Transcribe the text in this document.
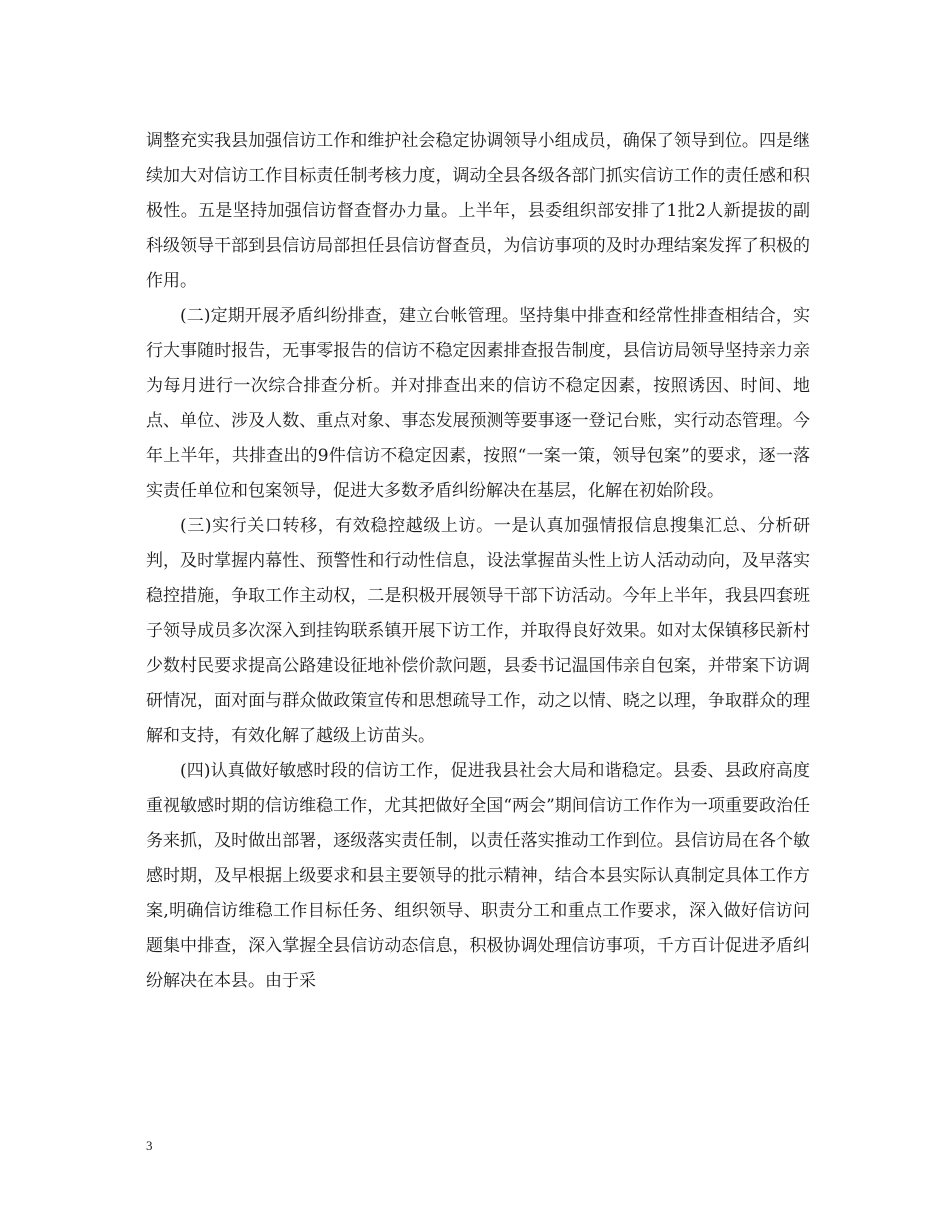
调整充实我县加强信访工作和维护社会稳定协调领导小组成员，确保了领导到位。四是继续加大对信访工作目标责任制考核力度，调动全县各级各部门抓实信访工作的责任感和积极性。五是坚持加强信访督查督办力量。上半年，县委组织部安排了1批2人新提拔的副科级领导干部到县信访局部担任县信访督查员，为信访事项的及时办理结案发挥了积极的作用。

(二)定期开展矛盾纠纷排查，建立台帐管理。坚持集中排查和经常性排查相结合，实行大事随时报告，无事零报告的信访不稳定因素排查报告制度，县信访局领导坚持亲力亲为每月进行一次综合排查分析。并对排查出来的信访不稳定因素，按照诱因、时间、地点、单位、涉及人数、重点对象、事态发展预测等要事逐一登记台账，实行动态管理。今年上半年，共排查出的9件信访不稳定因素，按照“一案一策，领导包案”的要求，逐一落实责任单位和包案领导，促进大多数矛盾纠纷解决在基层，化解在初始阶段。

(三)实行关口转移，有效稳控越级上访。一是认真加强情报信息搜集汇总、分析研判，及时掌握内幕性、预警性和行动性信息，设法掌握苗头性上访人活动动向，及早落实稳控措施，争取工作主动权，二是积极开展领导干部下访活动。今年上半年，我县四套班子领导成员多次深入到挂钩联系镇开展下访工作，并取得良好效果。如对太保镇移民新村少数村民要求提高公路建设征地补偿价款问题，县委书记温国伟亲自包案，并带案下访调研情况，面对面与群众做政策宣传和思想疏导工作，动之以情、晓之以理，争取群众的理解和支持，有效化解了越级上访苗头。

(四)认真做好敏感时段的信访工作，促进我县社会大局和谐稳定。县委、县政府高度重视敏感时期的信访维稳工作，尤其把做好全国“两会”期间信访工作作为一项重要政治任务来抓，及时做出部署，逐级落实责任制，以责任落实推动工作到位。县信访局在各个敏感时期，及早根据上级要求和县主要领导的批示精神，结合本县实际认真制定具体工作方案,明确信访维稳工作目标任务、组织领导、职责分工和重点工作要求，深入做好信访问题集中排查，深入掌握全县信访动态信息，积极协调处理信访事项，千方百计促进矛盾纠纷解决在本县。由于采

3
